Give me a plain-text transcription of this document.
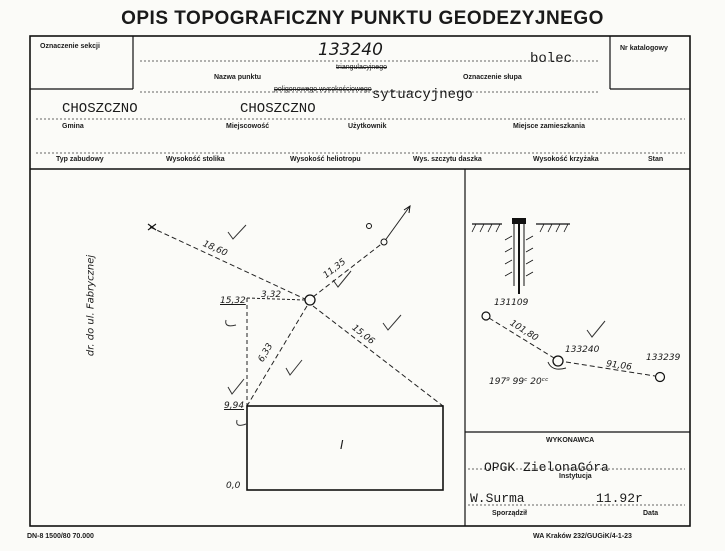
OPIS TOPOGRAFICZNY PUNKTU GEODEZYJNEGO
Oznaczenie sekcji	Nr katalogowy
133240	bolec
triangulacyjnego
Nazwa punktu	Oznaczenie słupa
poligonowego wysokościowego sytuacyjnego
CHOSZCZNO	CHOSZCZNO
Gmina	Miejscowość	Użytkownik	Miejsce zamieszkania
Typ zabudowy	Wysokość stolika	Wysokość heliotropu	Wys. szczytu daszka	Wysokość krzyżaka	Stan
dr. do ul. Fabrycznej
18,60
11,35
3,32
15,32
6,33
15,06
9,94
0,0
I
131109
133240
133239
101,80
91,06
197⁹ 99ᶜ 20ᶜᶜ
WYKONAWCA
OPGK ZielonaGóra
Instytucja
W.Surma	11.92r
Sporządził	Data
DN-8 1500/80 70.000	WA Kraków 232/GUGiK/4-1-23
